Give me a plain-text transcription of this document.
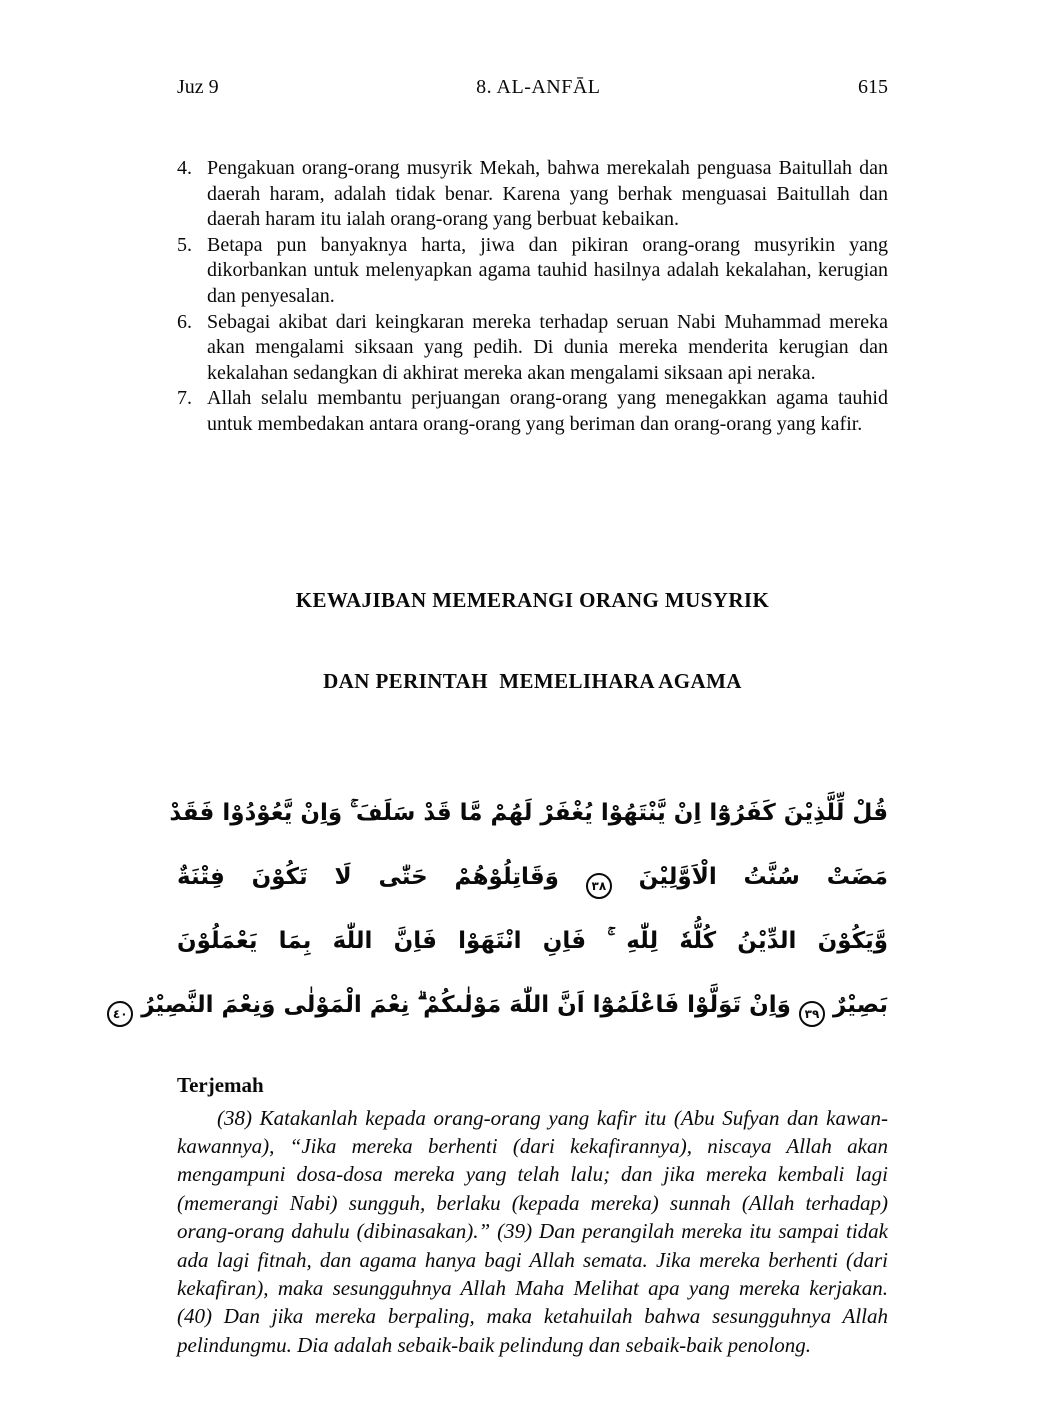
Juz 9	8. AL-ANFĀL	615
4. Pengakuan orang-orang musyrik Mekah, bahwa merekalah penguasa Baitullah dan daerah haram, adalah tidak benar. Karena yang berhak menguasai Baitullah dan daerah haram itu ialah orang-orang yang berbuat kebaikan.
5. Betapa pun banyaknya harta, jiwa dan pikiran orang-orang musyrikin yang dikorbankan untuk melenyapkan agama tauhid hasilnya adalah kekalahan, kerugian dan penyesalan.
6. Sebagai akibat dari keingkaran mereka terhadap seruan Nabi Muhammad mereka akan mengalami siksaan yang pedih. Di dunia mereka menderita kerugian dan kekalahan sedangkan di akhirat mereka akan mengalami siksaan api neraka.
7. Allah selalu membantu perjuangan orang-orang yang menegakkan agama tauhid untuk membedakan antara orang-orang yang beriman dan orang-orang yang kafir.

KEWAJIBAN MEMERANGI ORANG MUSYRIK

DAN PERINTAH  MEMELIHARA AGAMA

قُلْ لِّلَّذِيْنَ كَفَرُوْٓا اِنْ يَّنْتَهُوْا يُغْفَرْ لَهُمْ مَّا قَدْ سَلَفَ ۚ وَاِنْ يَّعُوْدُوْا فَقَدْ
مَضَتْ سُنَّتُ الْاَوَّلِيْنَ ٣٨ وَقَاتِلُوْهُمْ حَتّٰى لَا تَكُوْنَ فِتْنَةٌ
وَّيَكُوْنَ الدِّيْنُ كُلُّهٗ لِلّٰهِ ۚ فَاِنِ انْتَهَوْا فَاِنَّ اللّٰهَ بِمَا يَعْمَلُوْنَ
بَصِيْرٌ ٣٩ وَاِنْ تَوَلَّوْا فَاعْلَمُوْٓا اَنَّ اللّٰهَ مَوْلٰىكُمْ ۗ نِعْمَ الْمَوْلٰى وَنِعْمَ النَّصِيْرُ ٤٠
Terjemah
(38) Katakanlah kepada orang-orang yang kafir itu (Abu Sufyan dan kawan-kawannya), “Jika mereka berhenti (dari kekafirannya), niscaya Allah akan mengampuni dosa-dosa mereka yang telah lalu; dan jika mereka kembali lagi (memerangi Nabi) sungguh, berlaku (kepada mereka) sunnah (Allah terhadap) orang-orang dahulu (dibinasakan).” (39) Dan perangilah mereka itu sampai tidak ada lagi fitnah, dan agama hanya bagi Allah semata. Jika mereka berhenti (dari kekafiran), maka sesungguhnya Allah Maha Melihat apa yang mereka kerjakan. (40) Dan jika mereka berpaling, maka ketahuilah bahwa sesungguhnya Allah pelindungmu. Dia adalah sebaik-baik pelindung dan sebaik-baik penolong.
